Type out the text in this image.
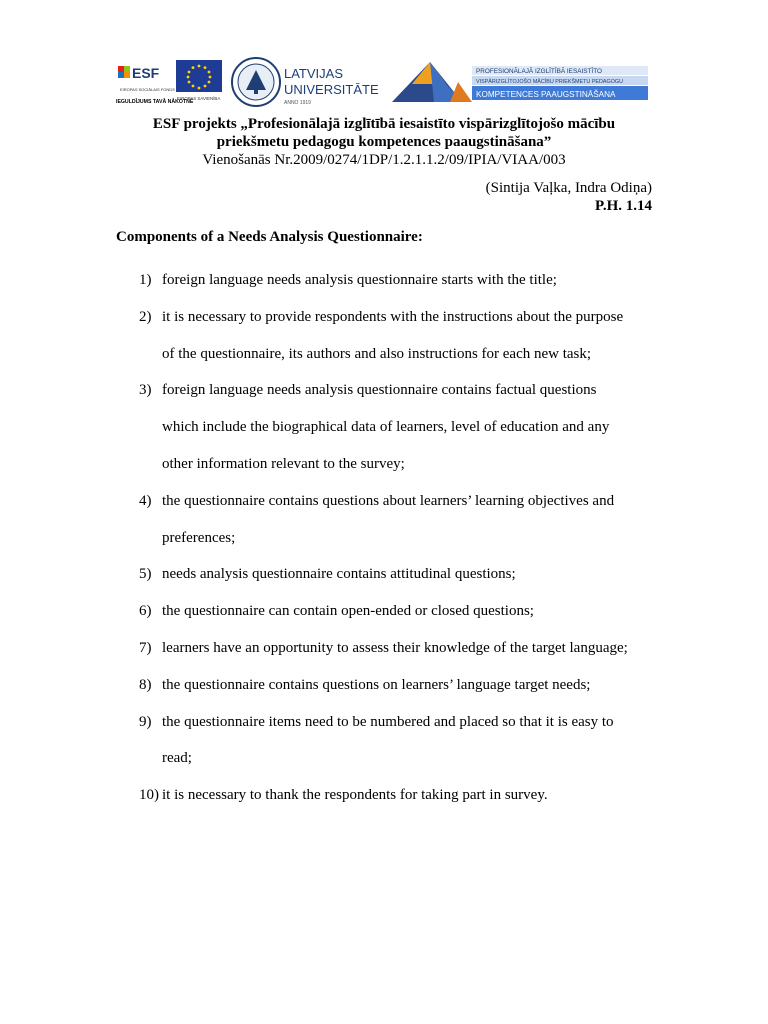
ESF
EIROPAS SOCIĀLAIS FONDS
IEGULDĪJUMS TAVĀ NĀKOTNĒ
EIROPAS SAVIENĪBA
LATVIJAS
UNIVERSITĀTE
ANNO 1919
PROFESIONĀLAJĀ IZGLĪTĪBĀ IESAISTĪTO
VISPĀRIZGLĪTOJOŠO MĀCĪBU PRIEKŠMETU PEDAGOGU
KOMPETENCES PAAUGSTINĀŠANA
ESF projekts „Profesionālajā izglītībā iesaistīto vispārizglītojošo mācību
priekšmetu pedagogu kompetences paaugstināšana”
Vienošanās Nr.2009/0274/1DP/1.2.1.1.2/09/IPIA/VIAA/003
(Sintija Vaļka, Indra Odiņa)
P.H. 1.14
Components of a Needs Analysis Questionnaire:
1) foreign language needs analysis questionnaire starts with the title;
2) it is necessary to provide respondents with the instructions about the purpose
of the questionnaire, its authors and also instructions for each new task;
3) foreign language needs analysis questionnaire contains factual questions
which include the biographical data of learners, level of education and any
other information relevant to the survey;
4) the questionnaire contains questions about learners’ learning objectives and
preferences;
5) needs analysis questionnaire contains attitudinal questions;
6) the questionnaire can contain open-ended or closed questions;
7) learners have an opportunity to assess their knowledge of the target language;
8) the questionnaire contains questions on learners’ language target needs;
9) the questionnaire items need to be numbered and placed so that it is easy to
read;
10) it is necessary to thank the respondents for taking part in survey.
